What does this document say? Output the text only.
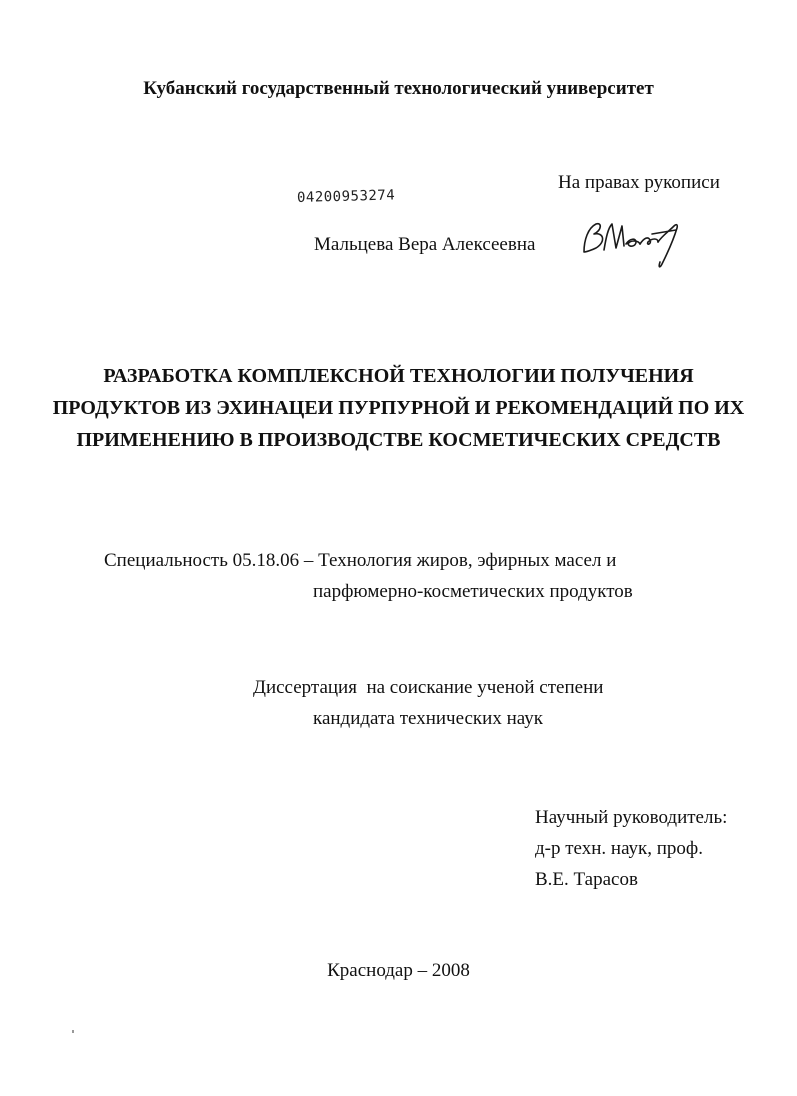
Кубанский государственный технологический университет
На правах рукописи
04200953274
Мальцева Вера Алексеевна
РАЗРАБОТКА КОМПЛЕКСНОЙ ТЕХНОЛОГИИ ПОЛУЧЕНИЯ
ПРОДУКТОВ ИЗ ЭХИНАЦЕИ ПУРПУРНОЙ И РЕКОМЕНДАЦИЙ ПО ИХ
ПРИМЕНЕНИЮ В ПРОИЗВОДСТВЕ КОСМЕТИЧЕСКИХ СРЕДСТВ
Специальность 05.18.06 – Технология жиров, эфирных масел и
парфюмерно-косметических продуктов
Диссертация  на соискание ученой степени
кандидата технических наук
Научный руководитель:
д-р техн. наук, проф.
В.Е. Тарасов
Краснодар – 2008
